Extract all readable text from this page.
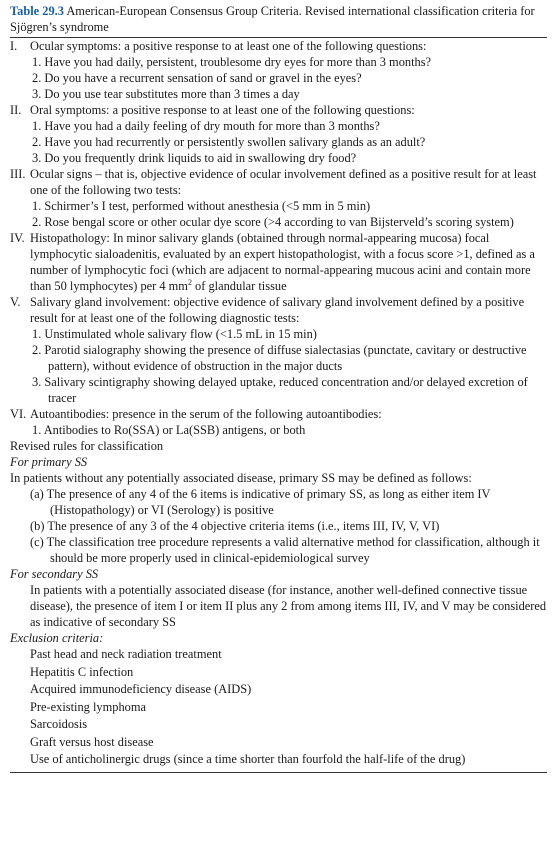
Table 29.3 American-European Consensus Group Criteria. Revised international classification criteria for Sjögren’s syndrome
I. Ocular symptoms: a positive response to at least one of the following questions:
1. Have you had daily, persistent, troublesome dry eyes for more than 3 months?
2. Do you have a recurrent sensation of sand or gravel in the eyes?
3. Do you use tear substitutes more than 3 times a day
II. Oral symptoms: a positive response to at least one of the following questions:
1. Have you had a daily feeling of dry mouth for more than 3 months?
2. Have you had recurrently or persistently swollen salivary glands as an adult?
3. Do you frequently drink liquids to aid in swallowing dry food?
III. Ocular signs – that is, objective evidence of ocular involvement defined as a positive result for at least one of the following two tests:
1. Schirmer’s I test, performed without anesthesia (<5 mm in 5 min)
2. Rose bengal score or other ocular dye score (>4 according to van Bijsterveld’s scoring system)
IV. Histopathology: In minor salivary glands (obtained through normal-appearing mucosa) focal lymphocytic sialoadenitis, evaluated by an expert histopathologist, with a focus score >1, defined as a number of lymphocytic foci (which are adjacent to normal-appearing mucous acini and contain more than 50 lymphocytes) per 4 $mm^2$ of glandular tissue
V. Salivary gland involvement: objective evidence of salivary gland involvement defined by a positive result for at least one of the following diagnostic tests:
1. Unstimulated whole salivary flow (<1.5 mL in 15 min)
2. Parotid sialography showing the presence of diffuse sialectasias (punctate, cavitary or destructive pattern), without evidence of obstruction in the major ducts
3. Salivary scintigraphy showing delayed uptake, reduced concentration and/or delayed excretion of tracer
VI. Autoantibodies: presence in the serum of the following autoantibodies:
1. Antibodies to Ro(SSA) or La(SSB) antigens, or both
Revised rules for classification
For primary SS
In patients without any potentially associated disease, primary SS may be defined as follows:
(a) The presence of any 4 of the 6 items is indicative of primary SS, as long as either item IV (Histopathology) or VI (Serology) is positive
(b) The presence of any 3 of the 4 objective criteria items (i.e., items III, IV, V, VI)
(c) The classification tree procedure represents a valid alternative method for classification, although it should be more properly used in clinical-epidemiological survey
For secondary SS
In patients with a potentially associated disease (for instance, another well-defined connective tissue disease), the presence of item I or item II plus any 2 from among items III, IV, and V may be considered as indicative of secondary SS
Exclusion criteria:
Past head and neck radiation treatment
Hepatitis C infection
Acquired immunodeficiency disease (AIDS)
Pre-existing lymphoma
Sarcoidosis
Graft versus host disease
Use of anticholinergic drugs (since a time shorter than fourfold the half-life of the drug)
